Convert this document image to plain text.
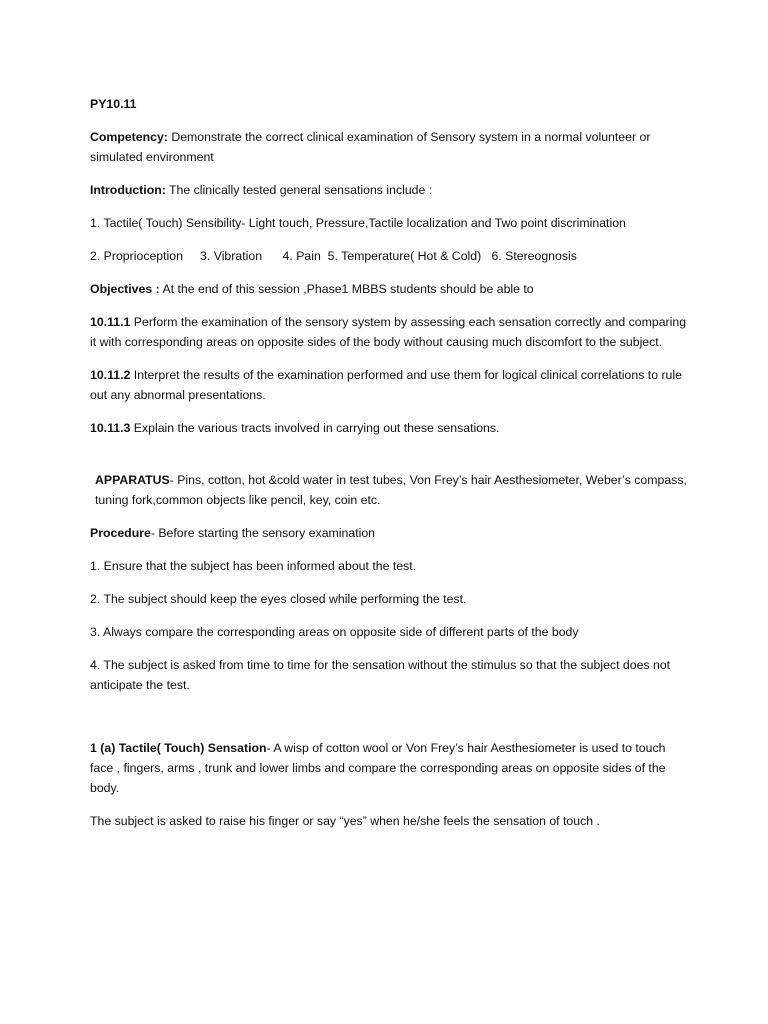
PY10.11

Competency: Demonstrate the correct clinical examination of Sensory system in a normal volunteer or simulated environment

Introduction: The clinically tested general sensations include :

1. Tactile( Touch) Sensibility- Light touch, Pressure,Tactile localization and Two point discrimination

2. Proprioception     3. Vibration      4. Pain  5. Temperature( Hot & Cold)   6. Stereognosis

Objectives : At the end of this session ,Phase1 MBBS students should be able to

10.11.1 Perform the examination of the sensory system by assessing each sensation correctly and comparing it with corresponding areas on opposite sides of the body without causing much discomfort to the subject.

10.11.2 Interpret the results of the examination performed and use them for logical clinical correlations to rule out any abnormal presentations.

10.11.3 Explain the various tracts involved in carrying out these sensations.

APPARATUS- Pins, cotton, hot &cold water in test tubes, Von Frey’s hair Aesthesiometer, Weber’s compass, tuning fork,common objects like pencil, key, coin etc.

Procedure- Before starting the sensory examination

1. Ensure that the subject has been informed about the test.

2. The subject should keep the eyes closed while performing the test.

3. Always compare the corresponding areas on opposite side of different parts of the body

4. The subject is asked from time to time for the sensation without the stimulus so that the subject does not anticipate the test.

1 (a) Tactile( Touch) Sensation- A wisp of cotton wool or Von Frey’s hair Aesthesiometer is used to touch face , fingers, arms , trunk and lower limbs and compare the corresponding areas on opposite sides of the body.

The subject is asked to raise his finger or say “yes” when he/she feels the sensation of touch .
